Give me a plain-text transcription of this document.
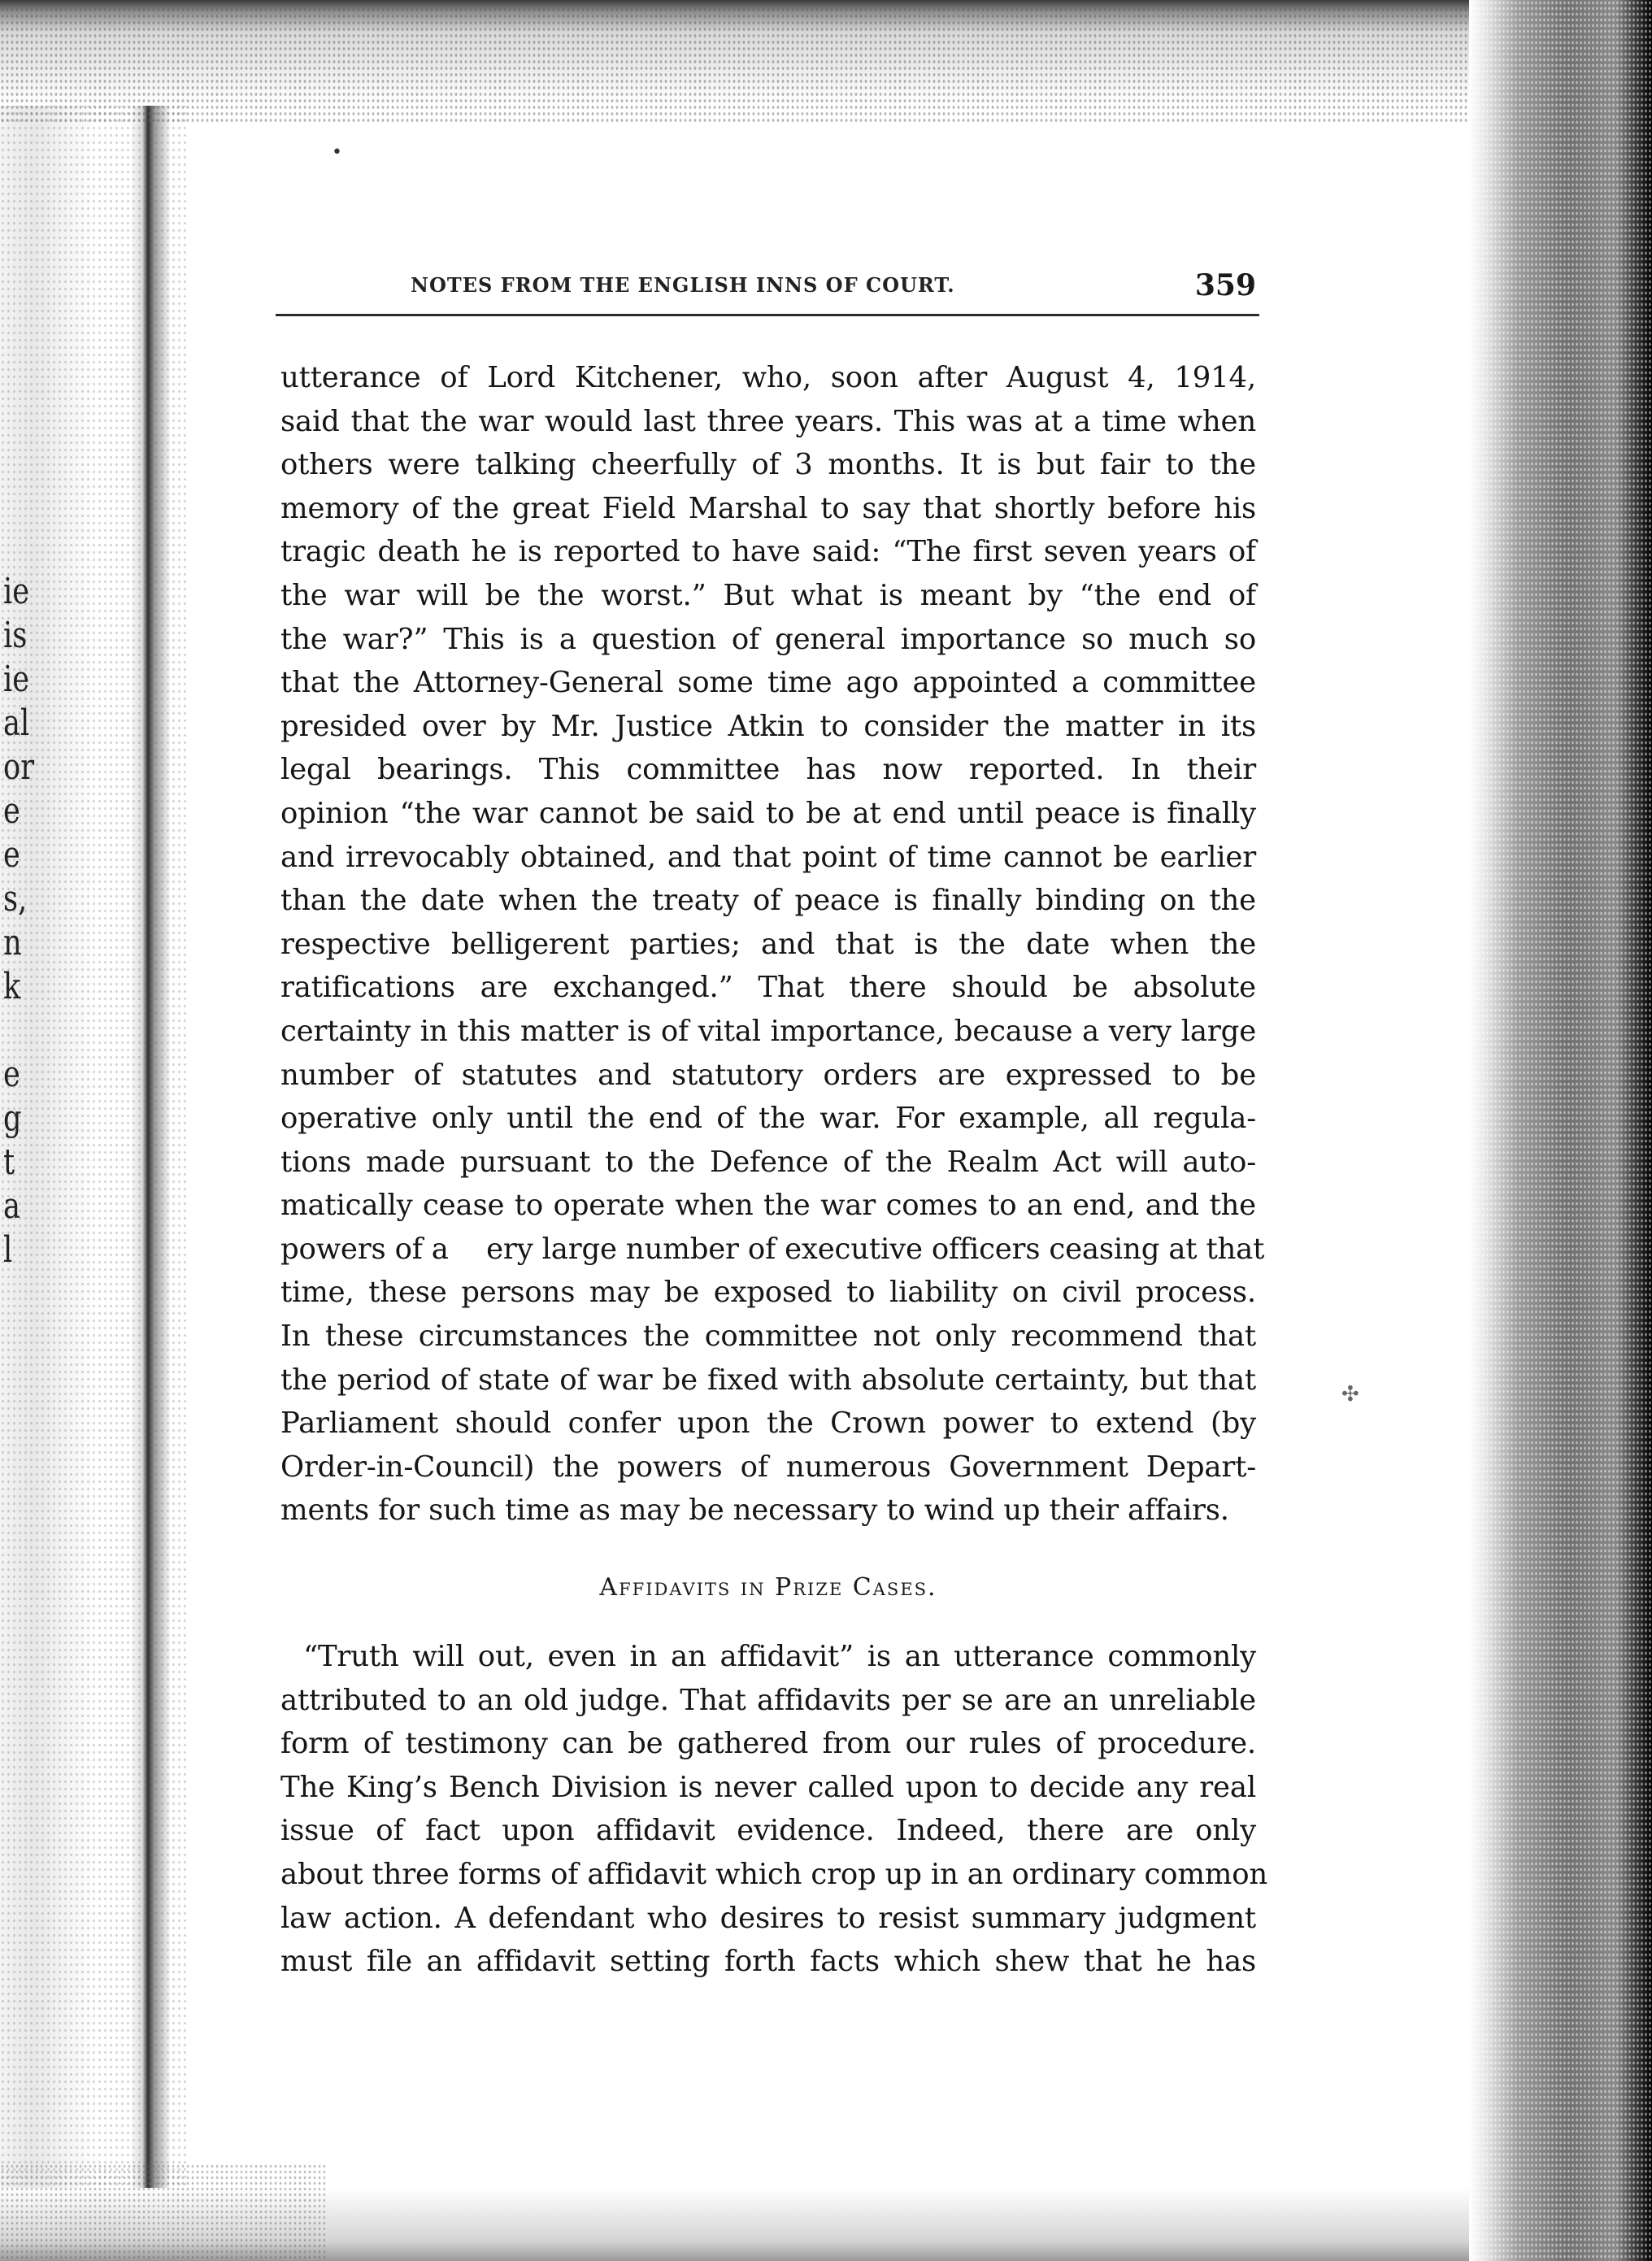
ie
is
ie
al
or
e
e
s,
n
k
e
g
t
a
l
•
✣
NOTES FROM THE ENGLISH INNS OF COURT.	359
utterance of Lord Kitchener, who, soon after August 4, 1914,
said that the war would last three years. This was at a time when
others were talking cheerfully of 3 months. It is but fair to the
memory of the great Field Marshal to say that shortly before his
tragic death he is reported to have said: “The first seven years of
the war will be the worst.” But what is meant by “the end of
the war?” This is a question of general importance so much so
that the Attorney-General some time ago appointed a committee
presided over by Mr. Justice Atkin to consider the matter in its
legal bearings. This committee has now reported. In their
opinion “the war cannot be said to be at end until peace is finally
and irrevocably obtained, and that point of time cannot be earlier
than the date when the treaty of peace is finally binding on the
respective belligerent parties; and that is the date when the
ratifications are exchanged.” That there should be absolute
certainty in this matter is of vital importance, because a very large
number of statutes and statutory orders are expressed to be
operative only until the end of the war. For example, all regula-
tions made pursuant to the Defence of the Realm Act will auto-
matically cease to operate when the war comes to an end, and the
powers of a  ery large number of executive officers ceasing at that
time, these persons may be exposed to liability on civil process.
In these circumstances the committee not only recommend that
the period of state of war be fixed with absolute certainty, but that
Parliament should confer upon the Crown power to extend (by
Order-in-Council) the powers of numerous Government Depart-
ments for such time as may be necessary to wind up their affairs.
Affidavits in Prize Cases.
“Truth will out, even in an affidavit” is an utterance commonly
attributed to an old judge. That affidavits per se are an unreliable
form of testimony can be gathered from our rules of procedure.
The King’s Bench Division is never called upon to decide any real
issue of fact upon affidavit evidence. Indeed, there are only
about three forms of affidavit which crop up in an ordinary common
law action. A defendant who desires to resist summary judgment
must file an affidavit setting forth facts which shew that he has
